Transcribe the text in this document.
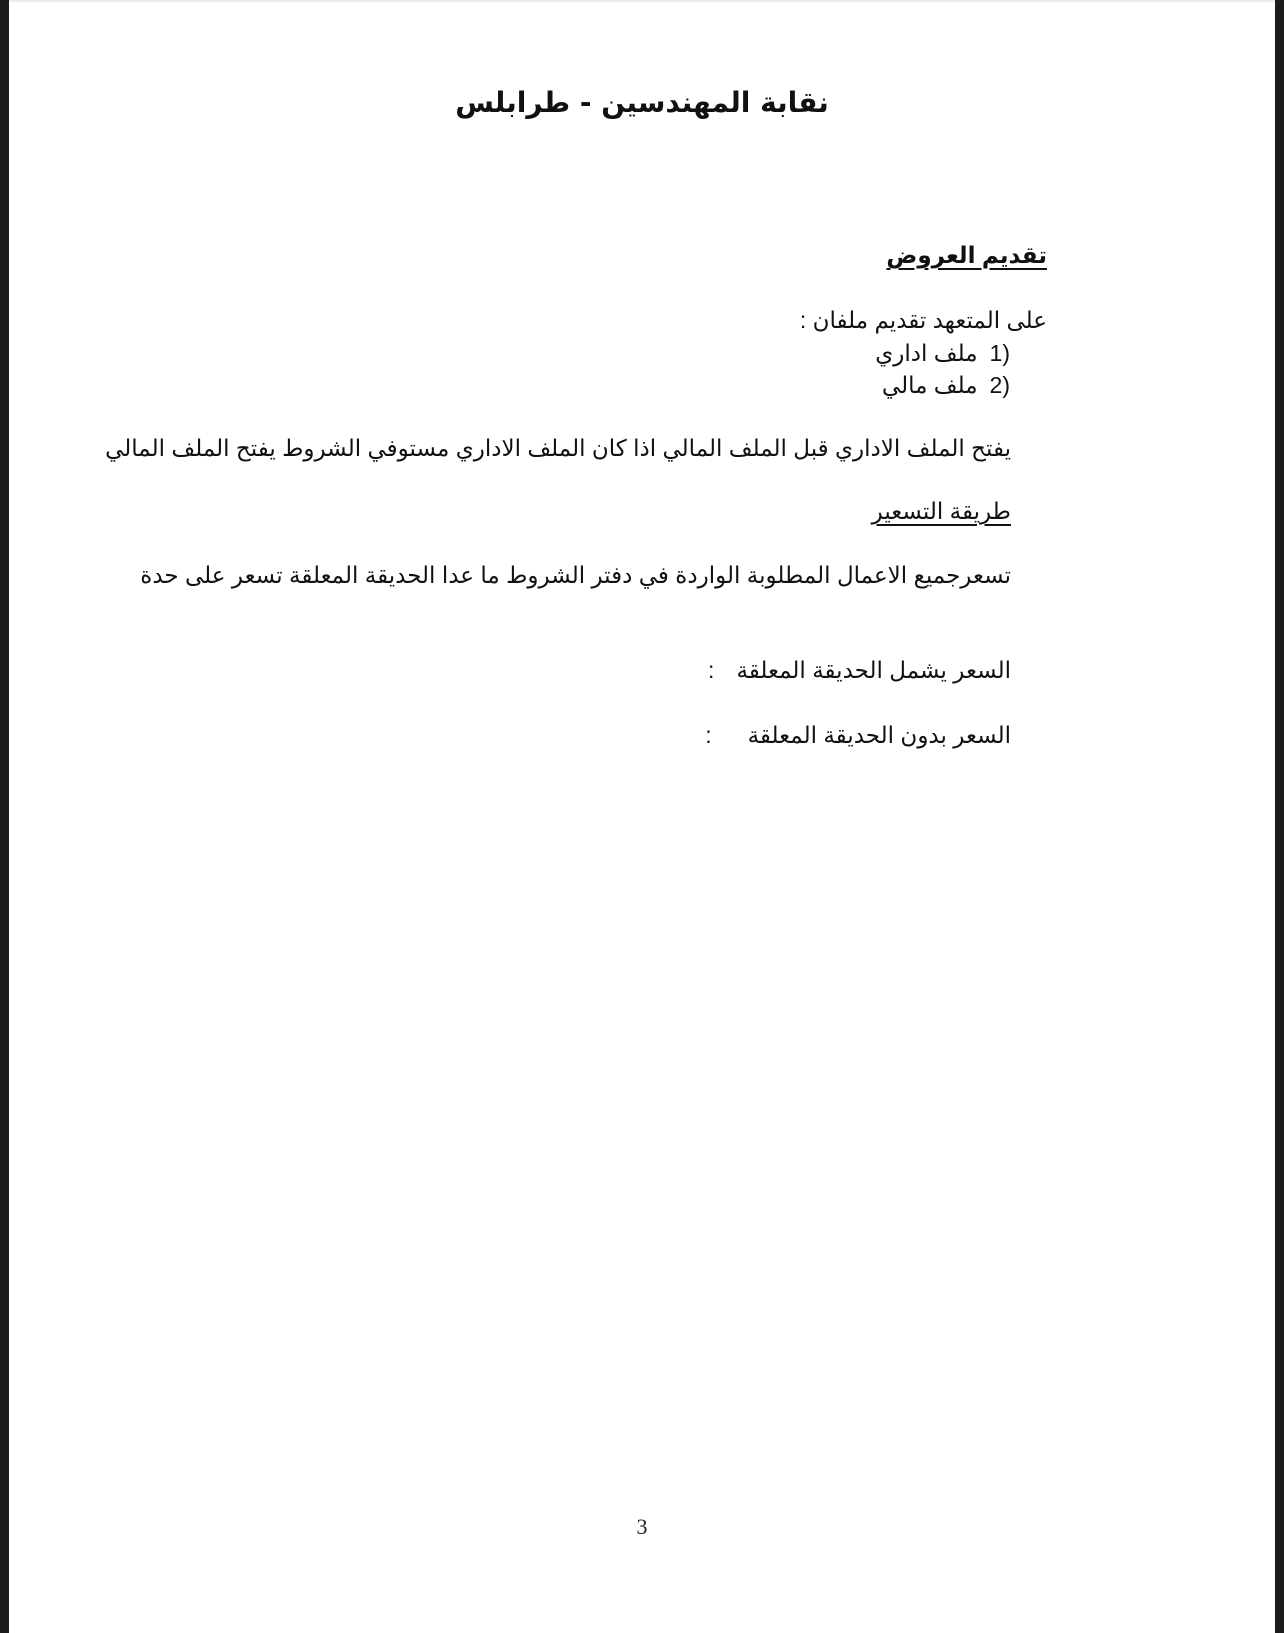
نقابة المهندسين - طرابلس
تقديم العروض
على المتعهد تقديم ملفان :
1)ملف اداري
2)ملف مالي
يفتح الملف الاداري قبل الملف المالي اذا كان الملف الاداري مستوفي الشروط يفتح الملف المالي
طريقة التسعير
تسعرجميع الاعمال المطلوبة الواردة في دفتر الشروط ما عدا الحديقة المعلقة تسعر على حدة
السعر يشمل الحديقة المعلقة:
السعر بدون الحديقة المعلقة:
3
